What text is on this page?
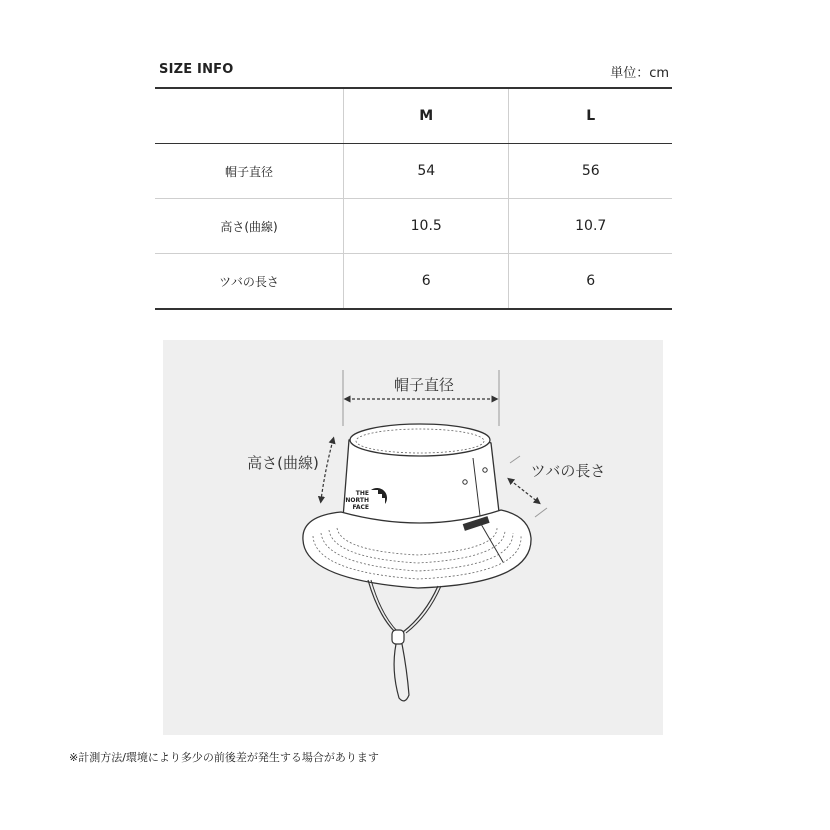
SIZE INFO	単位：cm
	M	L
帽子直径	54	56
高さ(曲線)	10.5	10.7
ツバの長さ	6	6
帽子直径
高さ(曲線)	ツバの長さ
THE
NORTH
FACE
※計測方法/環境により多少の前後差が発生する場合があります
